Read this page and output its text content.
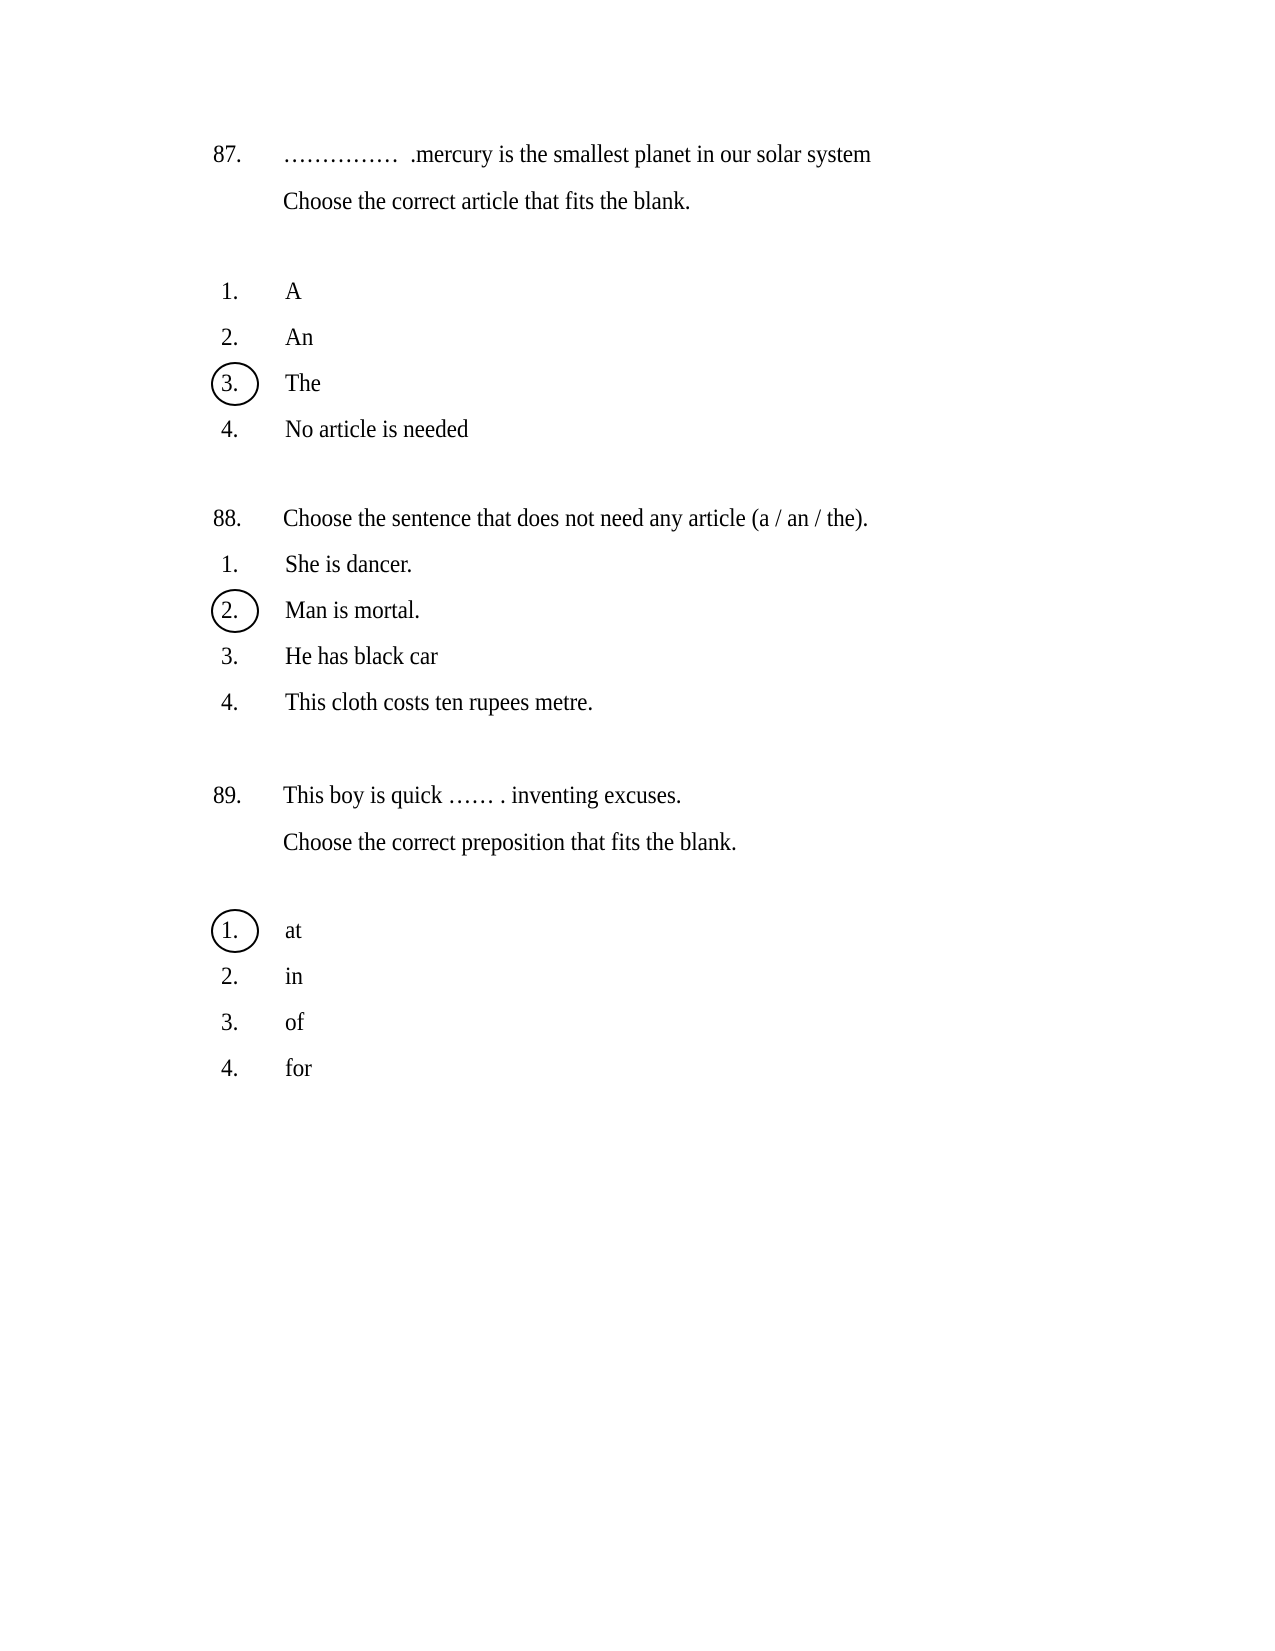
87.	……………  .mercury is the smallest planet in our solar system
Choose the correct article that fits the blank.
1. A
2. An
3. The
4. No article is needed
88.	Choose the sentence that does not need any article (a / an / the).
1. She is dancer.
2. Man is mortal.
3. He has black car
4. This cloth costs ten rupees metre.
89.	This boy is quick …… . inventing excuses.
Choose the correct preposition that fits the blank.
1. at
2. in
3. of
4. for
